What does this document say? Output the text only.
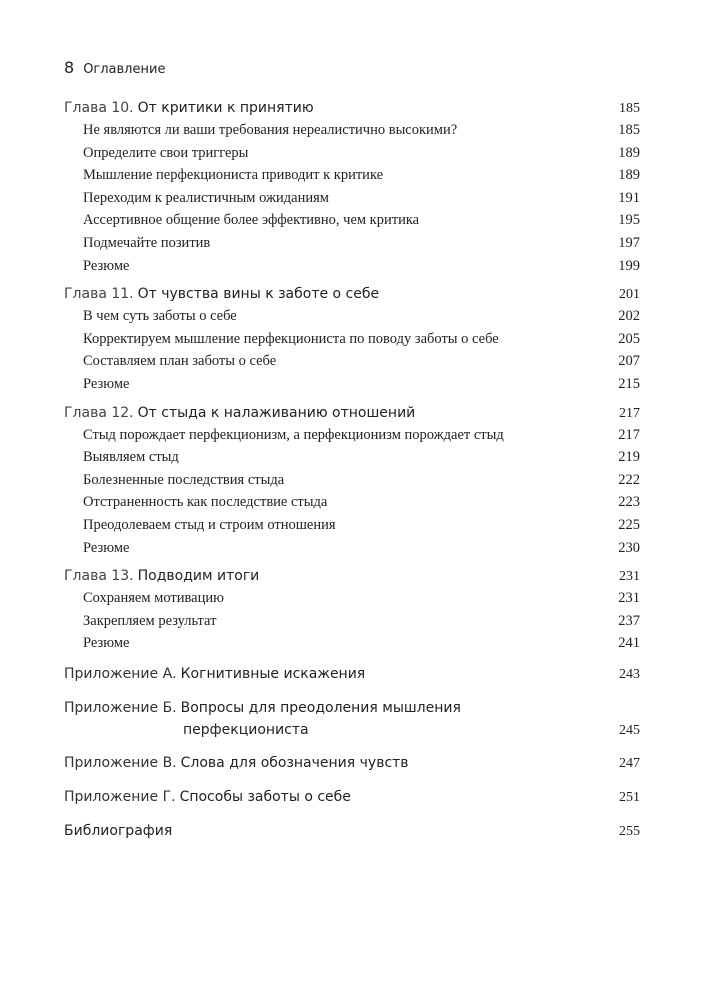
8 Оглавление
Глава 10. От критики к принятию	185
Не являются ли ваши требования нереалистично высокими?	185
Определите свои триггеры	189
Мышление перфекциониста приводит к критике	189
Переходим к реалистичным ожиданиям	191
Ассертивное общение более эффективно, чем критика	195
Подмечайте позитив	197
Резюме	199
Глава 11. От чувства вины к заботе о себе	201
В чем суть заботы о себе	202
Корректируем мышление перфекциониста по поводу заботы о себе	205
Составляем план заботы о себе	207
Резюме	215
Глава 12. От стыда к налаживанию отношений	217
Стыд порождает перфекционизм, а перфекционизм порождает стыд	217
Выявляем стыд	219
Болезненные последствия стыда	222
Отстраненность как последствие стыда	223
Преодолеваем стыд и строим отношения	225
Резюме	230
Глава 13. Подводим итоги	231
Сохраняем мотивацию	231
Закрепляем результат	237
Резюме	241
Приложение А. Когнитивные искажения	243
Приложение Б. Вопросы для преодоления мышления
перфекциониста	245
Приложение В. Слова для обозначения чувств	247
Приложение Г. Способы заботы о себе	251
Библиография	255
